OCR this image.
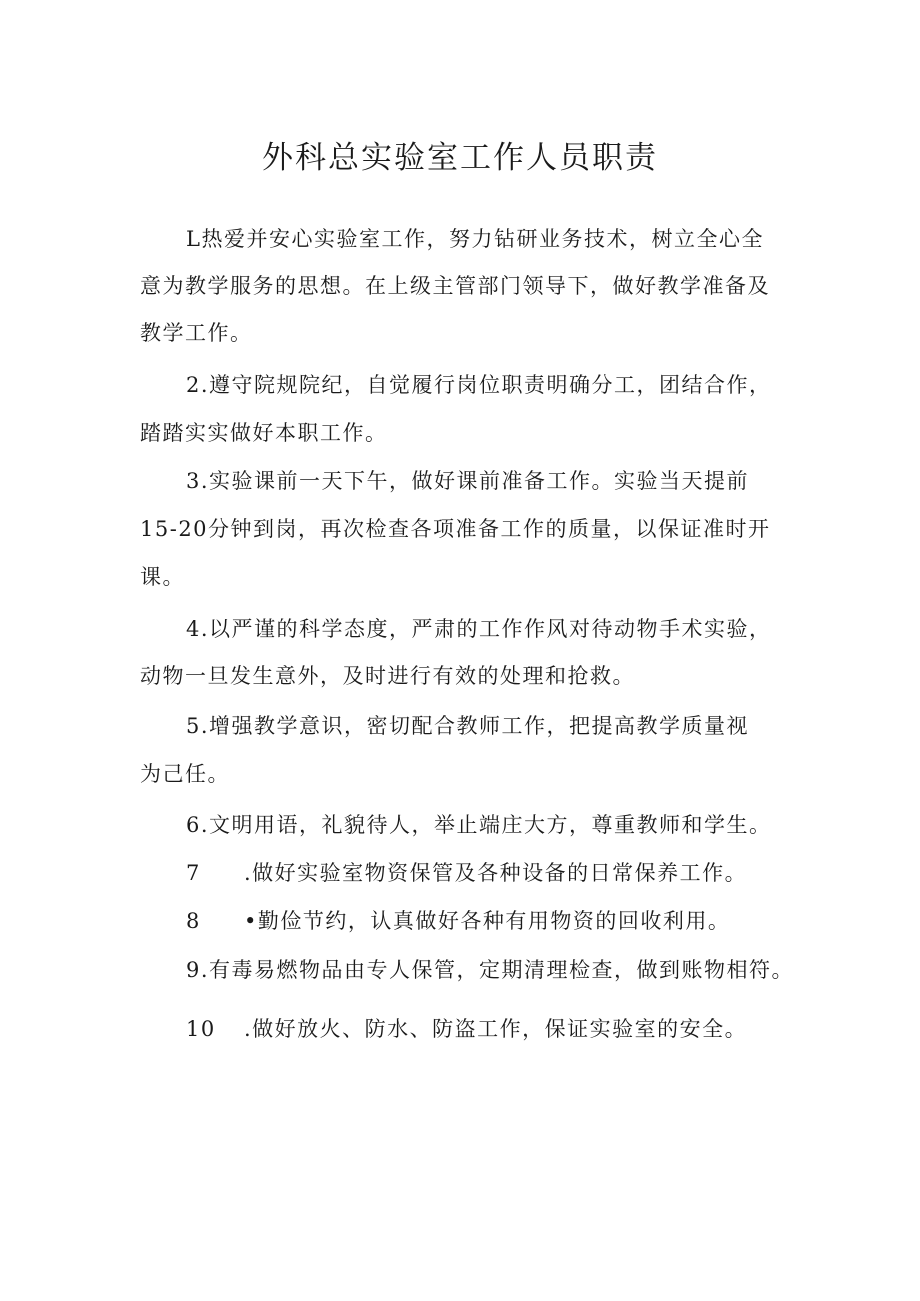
外科总实验室工作人员职责
L热爱并安心实验室工作，努力钻研业务技术，树立全心全
意为教学服务的思想。在上级主管部门领导下，做好教学准备及
教学工作。
2.遵守院规院纪，自觉履行岗位职责明确分工，团结合作，
踏踏实实做好本职工作。
3.实验课前一天下午，做好课前准备工作。实验当天提前
15-20分钟到岗，再次检查各项准备工作的质量，以保证准时开
课。
4.以严谨的科学态度，严肃的工作作风对待动物手术实验，
动物一旦发生意外，及时进行有效的处理和抢救。
5.增强教学意识，密切配合教师工作，把提高教学质量视
为己任。
6.文明用语，礼貌待人，举止端庄大方，尊重教师和学生。
7 .做好实验室物资保管及各种设备的日常保养工作。
8 •勤俭节约，认真做好各种有用物资的回收利用。
9.有毒易燃物品由专人保管，定期清理检查，做到账物相符。
10 .做好放火、防水、防盗工作，保证实验室的安全。
